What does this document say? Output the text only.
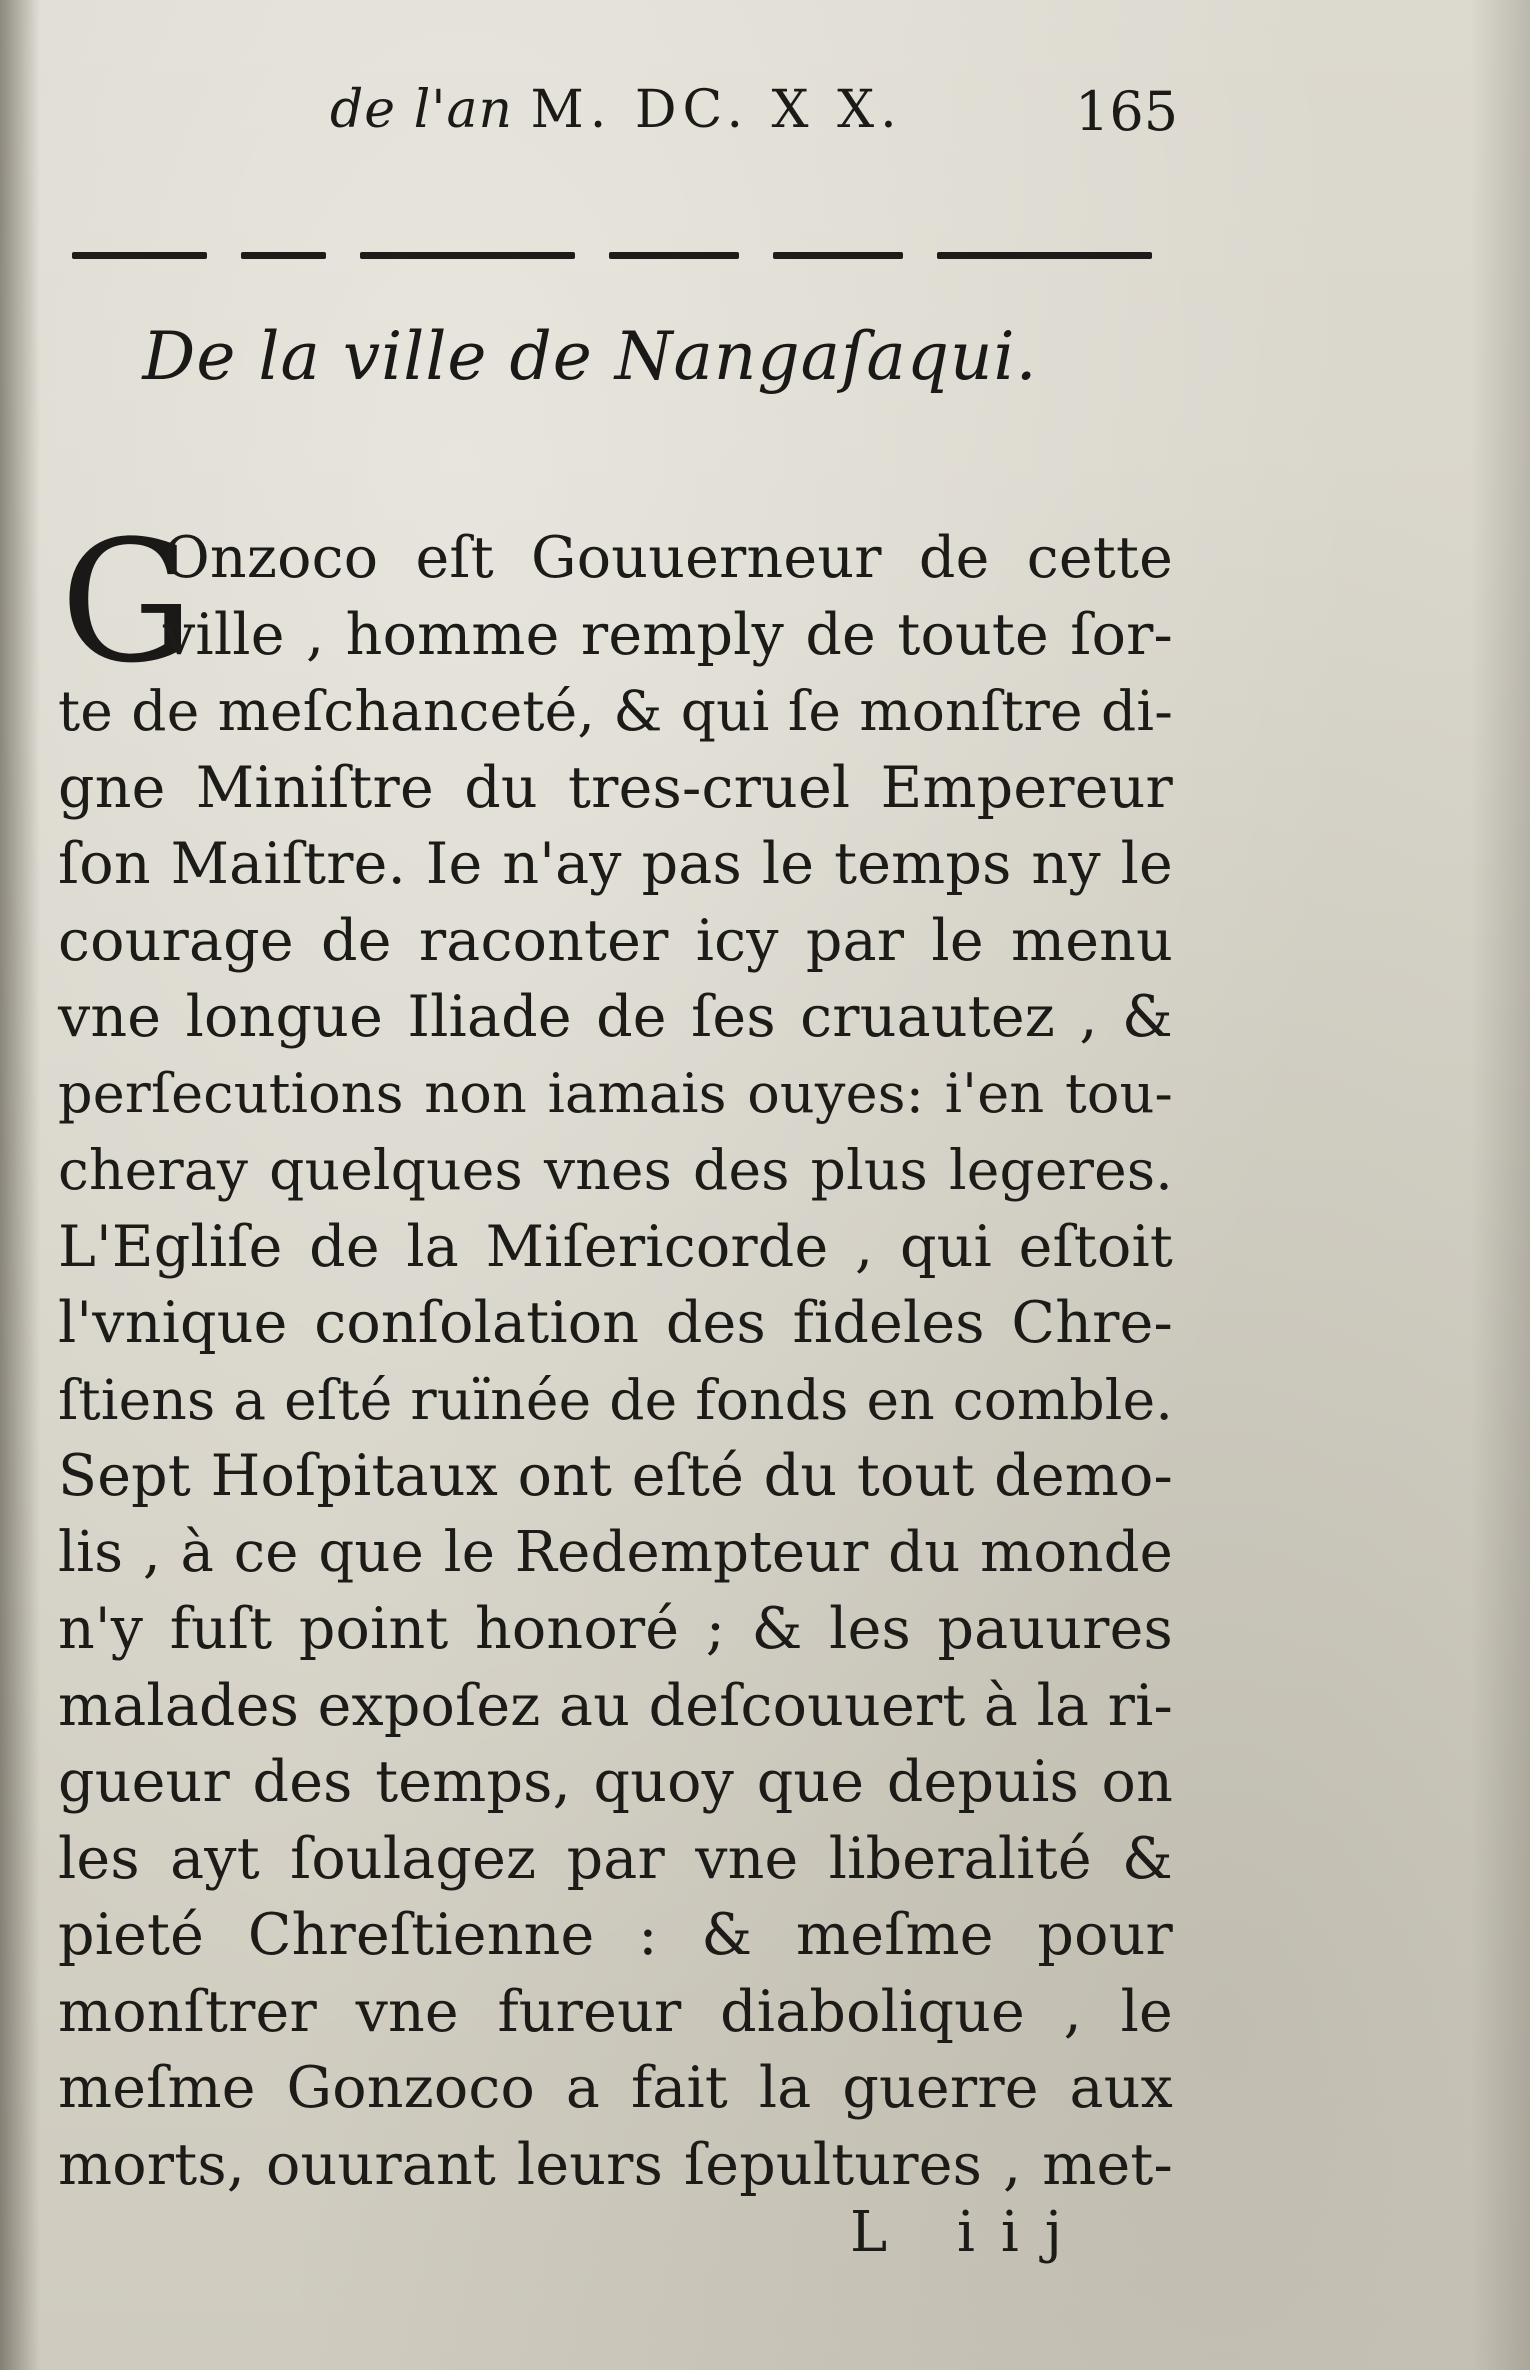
de l'an M. DC. X X.	165
De la ville de Nangaſaqui.
G
Onzoco eſt Gouuerneur de cette
ville , homme remply de toute ſor-
te de meſchanceté, & qui ſe monſtre di-
gne Miniſtre du tres-cruel Empereur
ſon Maiſtre. Ie n'ay pas le temps ny le
courage de raconter icy par le menu
vne longue Iliade de ſes cruautez , &
perſecutions non iamais ouyes: i'en tou-
cheray quelques vnes des plus legeres.
L'Egliſe de la Miſericorde , qui eſtoit
l'vnique conſolation des fideles Chre-
ſtiens a eſté ruïnée de fonds en comble.
Sept Hoſpitaux ont eſté du tout demo-
lis , à ce que le Redempteur du monde
n'y fuſt point honoré ; & les pauures
malades expoſez au deſcouuert à la ri-
gueur des temps, quoy que depuis on
les ayt ſoulagez par vne liberalité &
pieté Chreſtienne : & meſme pour
monſtrer vne fureur diabolique , le
meſme Gonzoco a fait la guerre aux
morts, ouurant leurs ſepultures , met-
L iij
